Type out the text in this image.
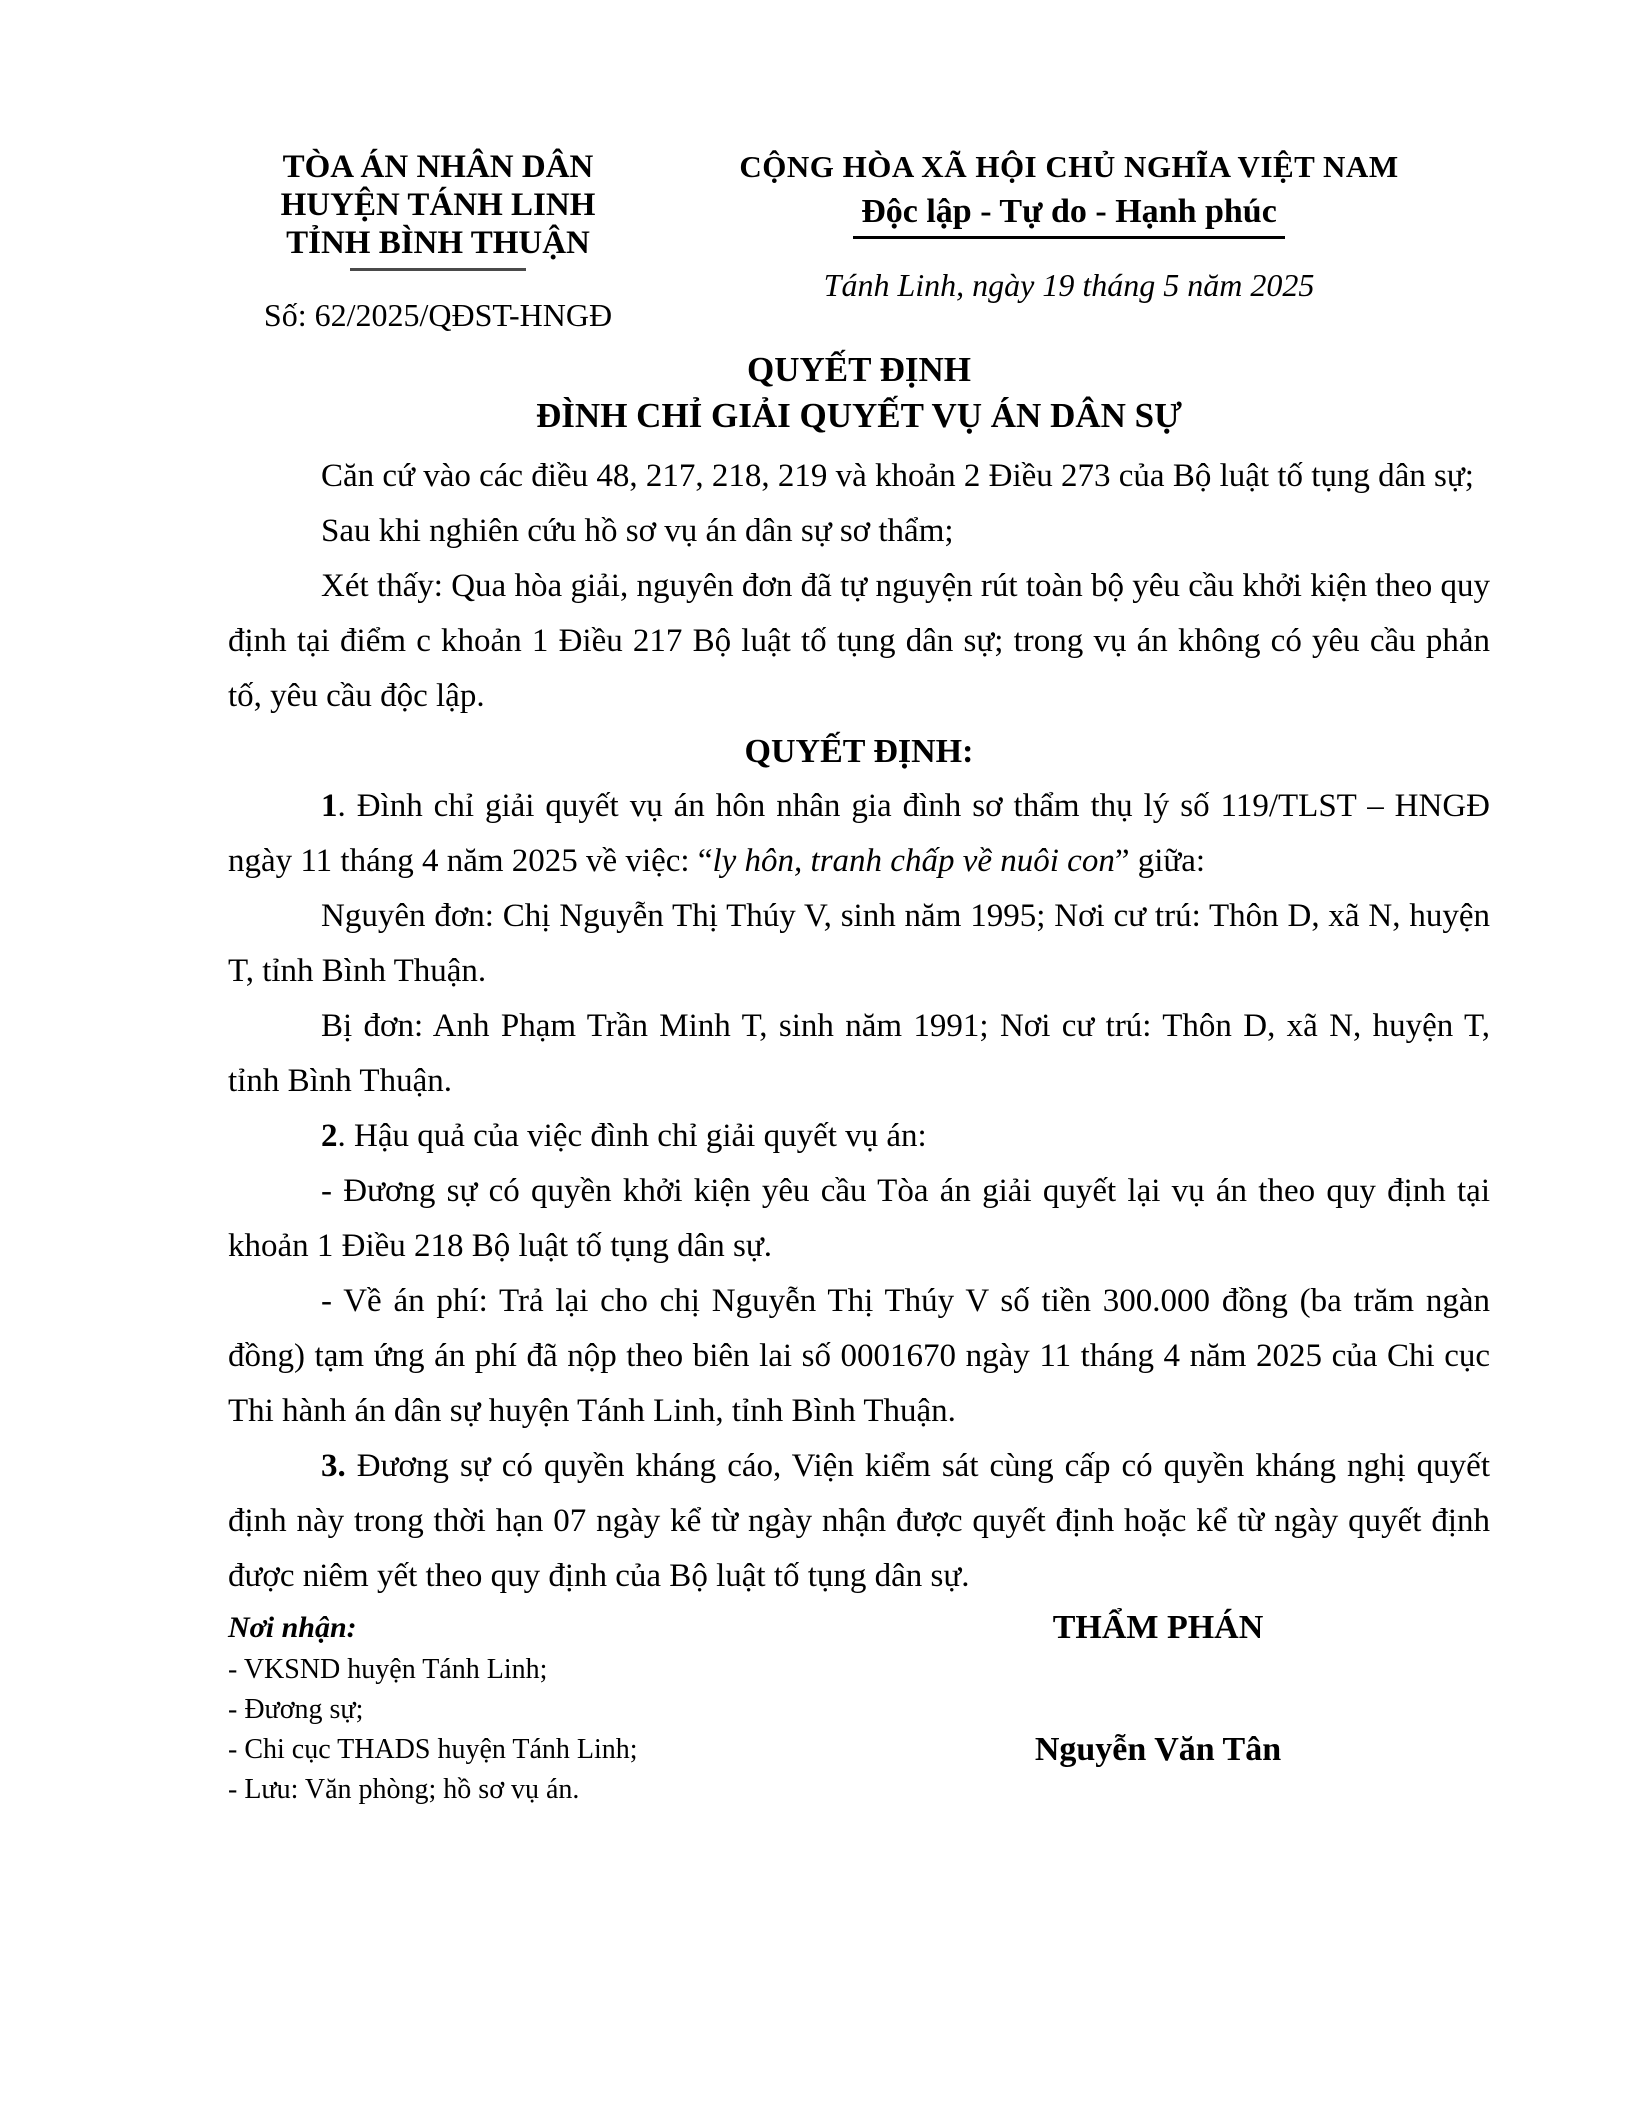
TÒA ÁN NHÂN DÂN
HUYỆN TÁNH LINH
TỈNH BÌNH THUẬN
Số: 62/2025/QĐST-HNGĐ
CỘNG HÒA XÃ HỘI CHỦ NGHĨA VIỆT NAM
Độc lập - Tự do - Hạnh phúc
Tánh Linh, ngày 19 tháng 5 năm 2025
QUYẾT ĐỊNH
ĐÌNH CHỈ GIẢI QUYẾT VỤ ÁN DÂN SỰ

Căn cứ vào các điều 48, 217, 218, 219 và khoản 2 Điều 273 của Bộ luật tố tụng dân sự;

Sau khi nghiên cứu hồ sơ vụ án dân sự sơ thẩm;

Xét thấy: Qua hòa giải, nguyên đơn đã tự nguyện rút toàn bộ yêu cầu khởi kiện theo quy định tại điểm c khoản 1 Điều 217 Bộ luật tố tụng dân sự; trong vụ án không có yêu cầu phản tố, yêu cầu độc lập.

QUYẾT ĐỊNH:

1. Đình chỉ giải quyết vụ án hôn nhân gia đình sơ thẩm thụ lý số 119/TLST – HNGĐ ngày 11 tháng 4 năm 2025 về việc: “ly hôn, tranh chấp về nuôi con” giữa:

Nguyên đơn: Chị Nguyễn Thị Thúy V, sinh năm 1995; Nơi cư trú: Thôn D, xã N, huyện T, tỉnh Bình Thuận.

Bị đơn: Anh Phạm Trần Minh T, sinh năm 1991; Nơi cư trú: Thôn D, xã N, huyện T, tỉnh Bình Thuận.

2. Hậu quả của việc đình chỉ giải quyết vụ án:

- Đương sự có quyền khởi kiện yêu cầu Tòa án giải quyết lại vụ án theo quy định tại khoản 1 Điều 218 Bộ luật tố tụng dân sự.

- Về án phí: Trả lại cho chị Nguyễn Thị Thúy V số tiền 300.000 đồng (ba trăm ngàn đồng) tạm ứng án phí đã nộp theo biên lai số 0001670 ngày 11 tháng 4 năm 2025 của Chi cục Thi hành án dân sự huyện Tánh Linh, tỉnh Bình Thuận.

3. Đương sự có quyền kháng cáo, Viện kiểm sát cùng cấp có quyền kháng nghị quyết định này trong thời hạn 07 ngày kể từ ngày nhận được quyết định hoặc kể từ ngày quyết định được niêm yết theo quy định của Bộ luật tố tụng dân sự.

Nơi nhận:
- VKSND huyện Tánh Linh;
- Đương sự;
- Chi cục THADS huyện Tánh Linh;
- Lưu: Văn phòng; hồ sơ vụ án.
THẨM PHÁN
Nguyễn Văn Tân
